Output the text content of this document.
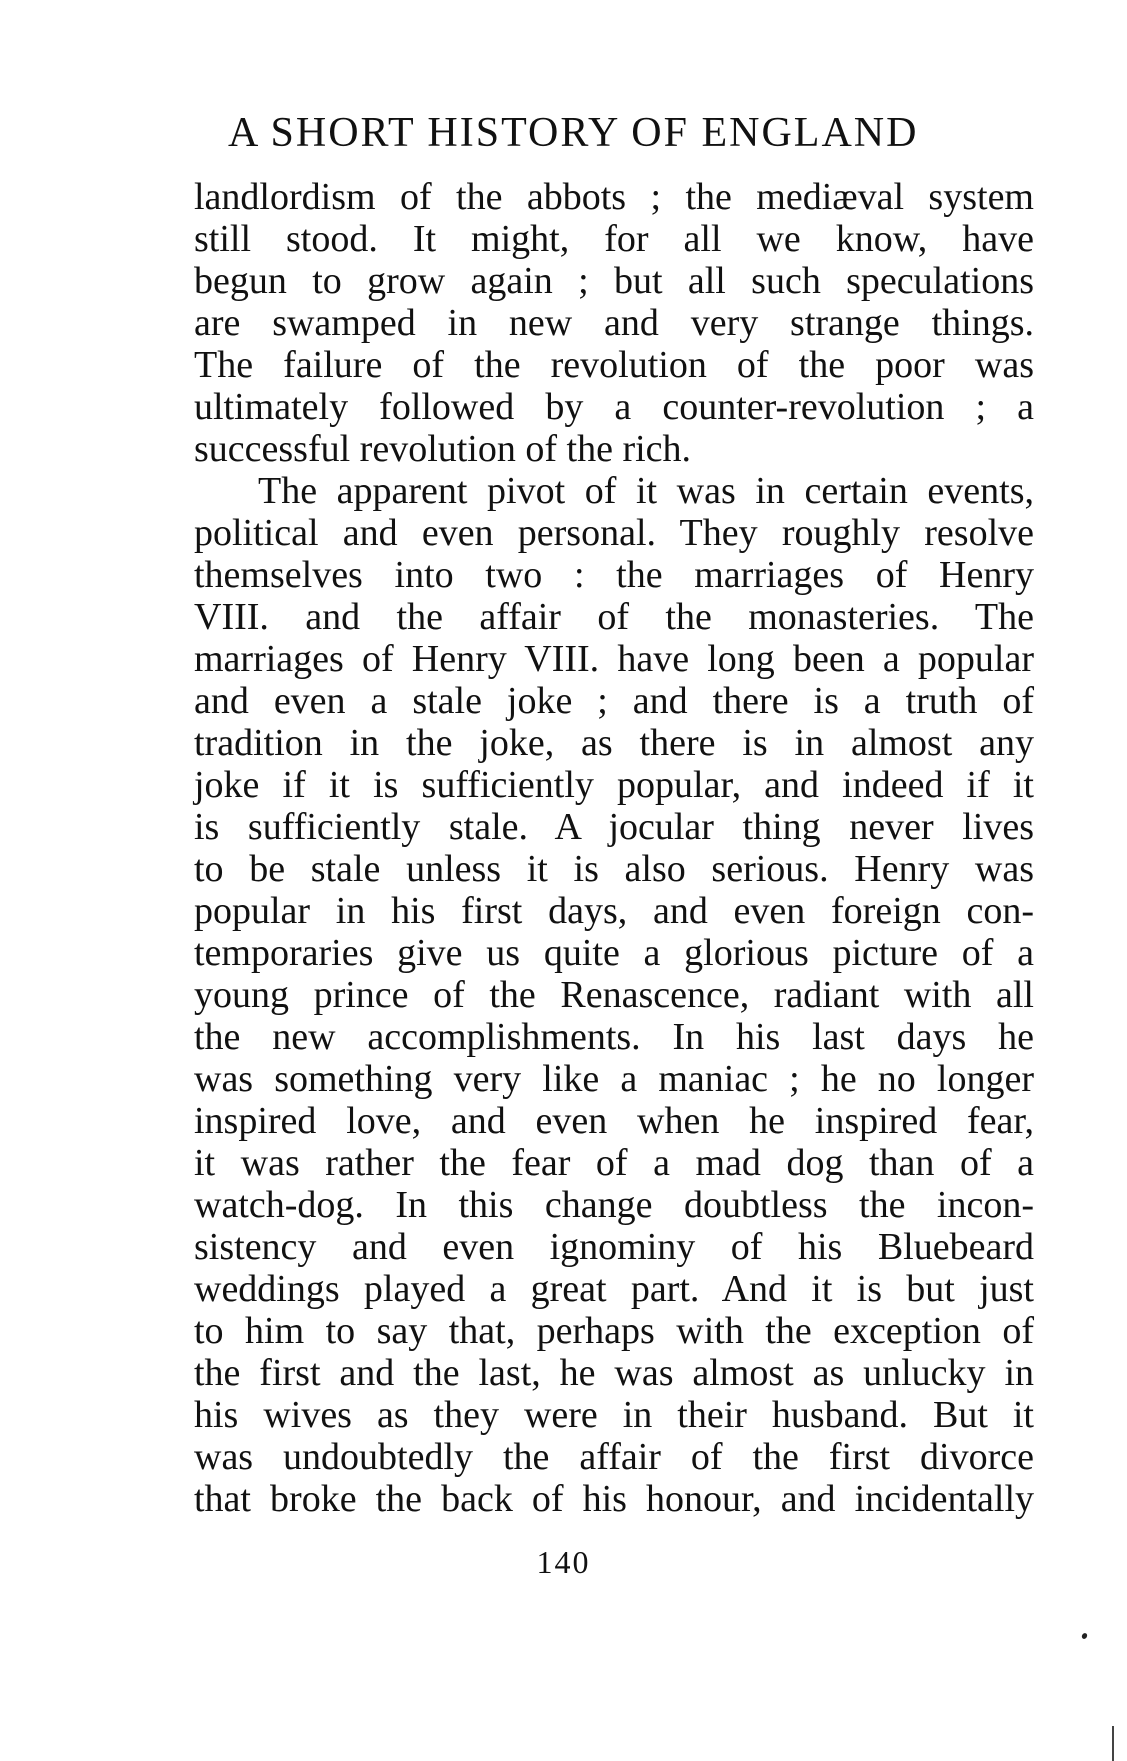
A SHORT HISTORY OF ENGLAND
landlordism of the abbots ; the mediæval system
still stood. It might, for all we know, have
begun to grow again ; but all such speculations
are swamped in new and very strange things.
The failure of the revolution of the poor was
ultimately followed by a counter-revolution ; a
successful revolution of the rich.
The apparent pivot of it was in certain events,
political and even personal. They roughly resolve
themselves into two : the marriages of Henry
VIII. and the affair of the monasteries. The
marriages of Henry VIII. have long been a popular
and even a stale joke ; and there is a truth of
tradition in the joke, as there is in almost any
joke if it is sufficiently popular, and indeed if it
is sufficiently stale. A jocular thing never lives
to be stale unless it is also serious. Henry was
popular in his first days, and even foreign con-
temporaries give us quite a glorious picture of a
young prince of the Renascence, radiant with all
the new accomplishments. In his last days he
was something very like a maniac ; he no longer
inspired love, and even when he inspired fear,
it was rather the fear of a mad dog than of a
watch-dog. In this change doubtless the incon-
sistency and even ignominy of his Bluebeard
weddings played a great part. And it is but just
to him to say that, perhaps with the exception of
the first and the last, he was almost as unlucky in
his wives as they were in their husband. But it
was undoubtedly the affair of the first divorce
that broke the back of his honour, and incidentally
140
